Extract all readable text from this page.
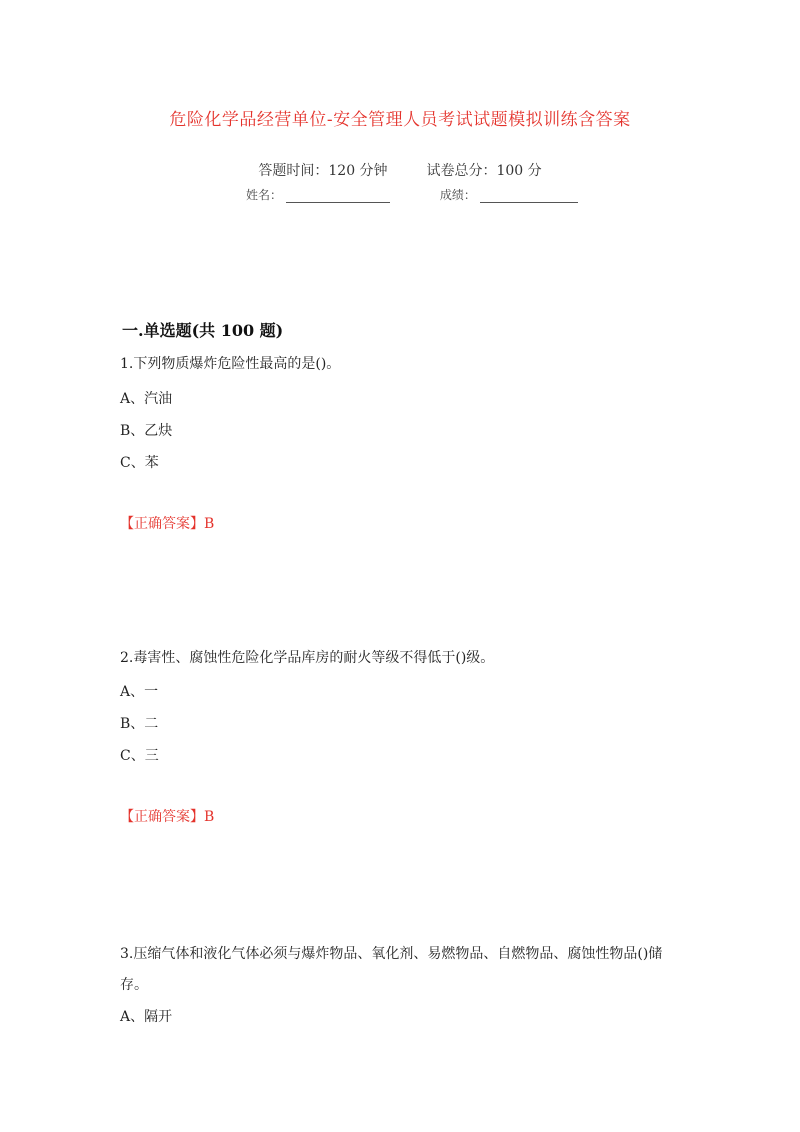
危险化学品经营单位-安全管理人员考试试题模拟训练含答案
答题时间：120 分钟	试卷总分：100 分
姓名：	成绩：
一.单选题(共 100 题)
1.下列物质爆炸危险性最高的是()。
A、汽油
B、乙炔
C、苯
【正确答案】B
2.毒害性、腐蚀性危险化学品库房的耐火等级不得低于()级。
A、一
B、二
C、三
【正确答案】B
3.压缩气体和液化气体必须与爆炸物品、氧化剂、易燃物品、自燃物品、腐蚀性物品()储存。
A、隔开
